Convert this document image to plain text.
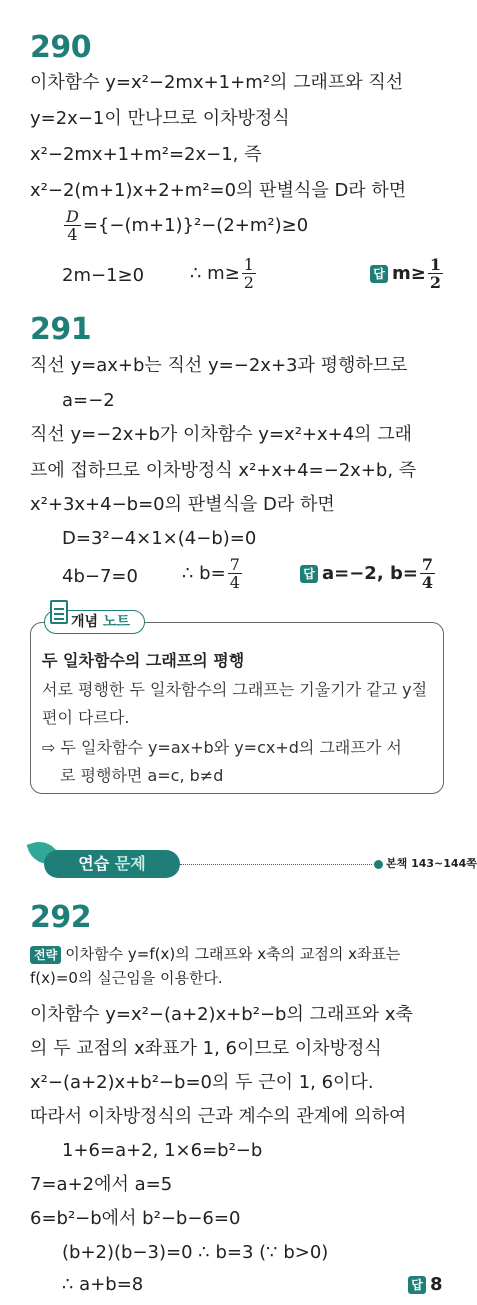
290
이차함수 y=x²−2mx+1+m²의 그래프와 직선
y=2x−1이 만나므로 이차방정식
x²−2mx+1+m²=2x−1, 즉
x²−2(m+1)x+2+m²=0의 판별식을 D라 하면
$\frac{D}{4} =\{-(m+1)\}^2-(2+m^2)\ge 0$
2m−1≥0	∴ $m\ge \frac{1}{2}$	답 $m\ge \frac{1}{2}$
291
직선 y=ax+b는 직선 y=−2x+3과 평행하므로
a=−2
직선 y=−2x+b가 이차함수 y=x²+x+4의 그래
프에 접하므로 이차방정식 x²+x+4=−2x+b, 즉
x²+3x+4−b=0의 판별식을 D라 하면
D=3²−4×1×(4−b)=0
4b−7=0 ∴ $b= \frac{7}{4}$	답 a=−2, $b= \frac{7}{4}$
개념 노트
두 일차함수의 그래프의 평행
서로 평행한 두 일차함수의 그래프는 기울기가 같고 y절
편이 다르다.
⇨ 두 일차함수 y=ax+b와 y=cx+d의 그래프가 서
로 평행하면 a=c, b≠d
연습 문제	본책 143~144쪽
292
전략 이차함수 y=f(x)의 그래프와 x축의 교점의 x좌표는
f(x)=0의 실근임을 이용한다.
이차함수 y=x²−(a+2)x+b²−b의 그래프와 x축
의 두 교점의 x좌표가 1, 6이므로 이차방정식
x²−(a+2)x+b²−b=0의 두 근이 1, 6이다.
따라서 이차방정식의 근과 계수의 관계에 의하여
1+6=a+2, 1×6=b²−b
7=a+2에서 a=5
6=b²−b에서 b²−b−6=0
(b+2)(b−3)=0 ∴ b=3 (∵ b>0)
∴ a+b=8	답 8
